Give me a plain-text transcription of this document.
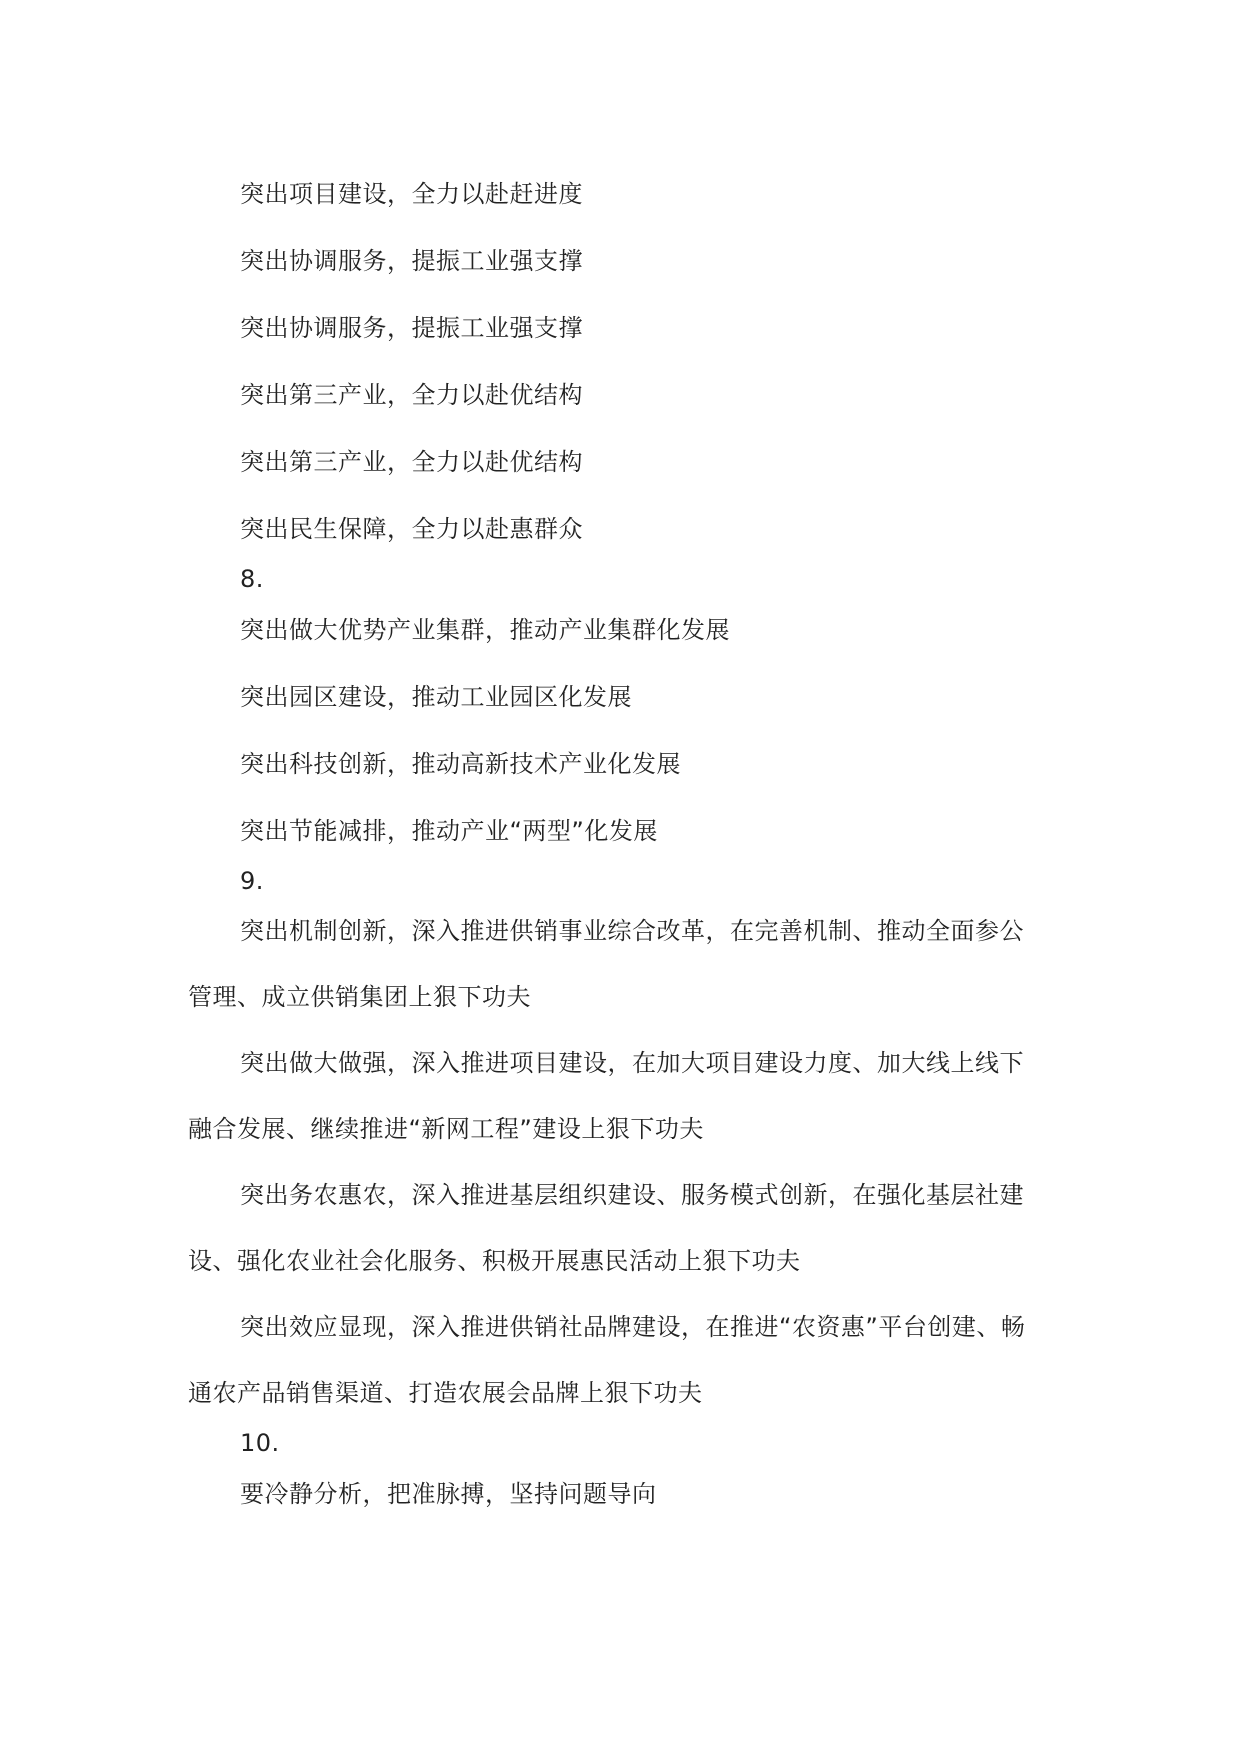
突出项目建设，全力以赴赶进度
突出协调服务，提振工业强支撑
突出协调服务，提振工业强支撑
突出第三产业，全力以赴优结构
突出第三产业，全力以赴优结构
突出民生保障，全力以赴惠群众
8.
突出做大优势产业集群，推动产业集群化发展
突出园区建设，推动工业园区化发展
突出科技创新，推动高新技术产业化发展
突出节能减排，推动产业“两型”化发展
9.
突出机制创新，深入推进供销事业综合改革，在完善机制、推动全面参公
管理、成立供销集团上狠下功夫
突出做大做强，深入推进项目建设，在加大项目建设力度、加大线上线下
融合发展、继续推进“新网工程”建设上狠下功夫
突出务农惠农，深入推进基层组织建设、服务模式创新，在强化基层社建
设、强化农业社会化服务、积极开展惠民活动上狠下功夫
突出效应显现，深入推进供销社品牌建设，在推进“农资惠”平台创建、畅
通农产品销售渠道、打造农展会品牌上狠下功夫
10.
要冷静分析，把准脉搏，坚持问题导向
